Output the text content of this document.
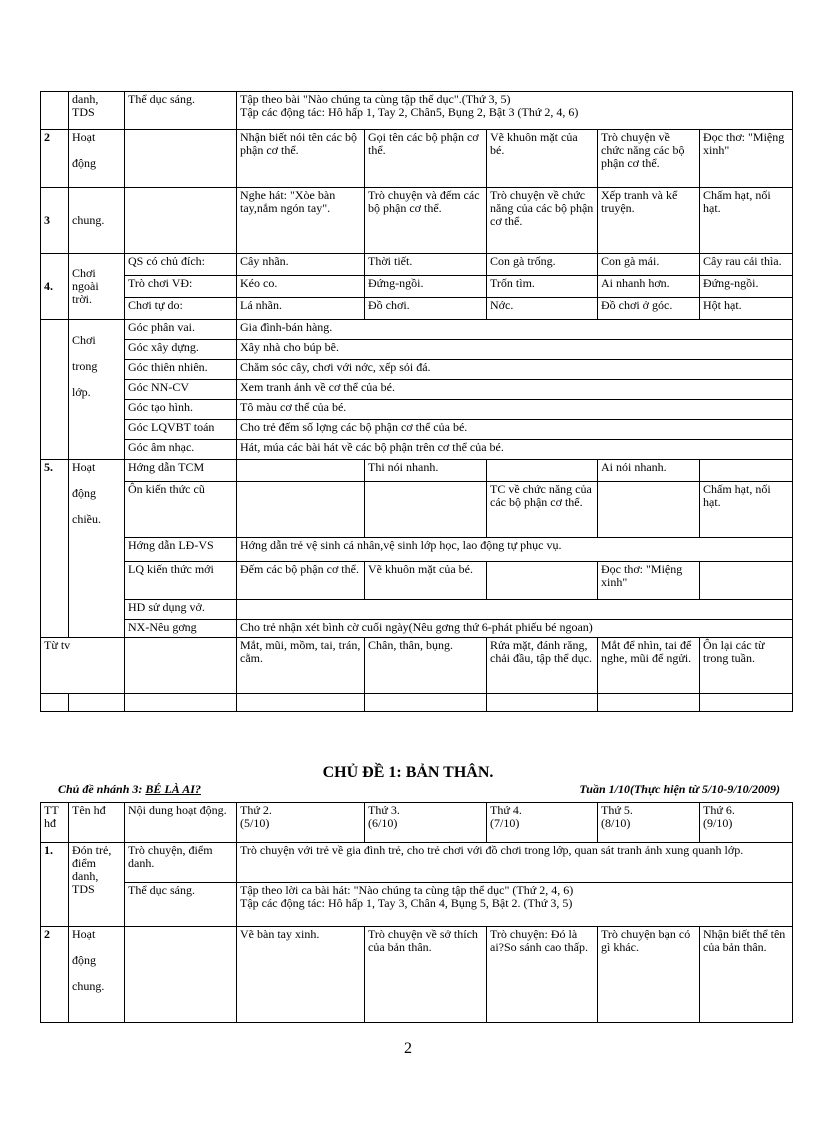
	danh, TDS	Thể dục sáng.	Tập theo bài "Nào chúng ta cùng tập thể dục".(Thứ 3, 5)
Tập các động tác: Hô hấp 1, Tay 2, Chân5, Bụng 2, Bật 3 (Thứ 2, 4, 6)				
2	Hoạt

động		Nhận biết nói tên các bộ phận cơ thể.	Gọi tên các bộ phận cơ thể.	Vẽ khuôn mặt của bé.	Trò chuyện về chức năng các bộ phận cơ thể.	Đọc thơ: "Miệng xinh"
3	chung.		Nghe hát: "Xòe bàn tay,nắm ngón tay".	Trò chuyện và đếm các bộ phận cơ thể.	Trò chuyện về chức năng của các bộ phận cơ thể.	Xếp tranh và kể truyện.	Chấm hạt, nối hạt.
4.	Chơi ngoài trời.	QS có chủ đích:	Cây nhãn.	Thời tiết.	Con gà trống.	Con gà mái.	Cây rau cải thìa.
		Trò chơi VĐ:	Kéo co.	Đứng-ngồi.	Trốn tìm.	Ai nhanh hơn.	Đứng-ngồi.
		Chơi tự do:	Lá nhãn.	Đồ chơi.	Nớc.	Đồ chơi ở góc.	Hột hạt.

Chơi

trong

lớp.	Góc phân vai.	Gia đình-bán hàng.				
		Góc xây dựng.	Xây nhà cho búp bê.				
		Góc thiên nhiên.	Chăm sóc cây, chơi với nớc, xếp sỏi đá.				
		Góc NN-CV	Xem tranh ảnh về cơ thể của bé.				
		Góc tạo hình.	Tô màu cơ thể của bé.				
		Góc LQVBT toán	Cho trẻ đếm số lợng các bộ phận cơ thể của bé.				
		Góc âm nhạc.	Hát, múa các bài hát về các bộ phận trên cơ thể của bé.				
5.	Hoạt

động

chiều.	Hớng dẫn TCM		Thi nói nhanh.		Ai nói nhanh.	
		Ôn kiến thức cũ			TC về chức năng của các bộ phận cơ thể.		Chấm hạt, nối hạt.
		Hớng dẫn LĐ-VS	Hớng dẫn trẻ vệ sinh cá nhân,vệ sinh lớp học, lao động tự phục vụ.				
		LQ kiến thức mới	Đếm các bộ phận cơ thể.	Vẽ khuôn mặt của bé.		Đọc thơ: "Miệng xinh"	
		HD sử dụng vở.					
		NX-Nêu gơng	Cho trẻ nhận xét bình cờ cuối ngày(Nêu gơng thứ 6-phát phiếu bé ngoan)				
Từ tv			Mắt, mũi, mồm, tai, trán, cằm.	Chân, thân, bụng.	Rửa mặt, đánh răng, chải đầu, tập thể dục.	Mắt để nhìn, tai để nghe, mũi để ngửi.	Ôn lại các từ trong tuần.

CHỦ ĐỀ 1: BẢN THÂN.
Chủ đề nhánh 3: BÉ LÀ AI?	Tuần 1/10(Thực hiện từ 5/10-9/10/2009)
TT hđ	Tên hđ	Nội dung hoạt động.	Thứ 2.
(5/10)	Thứ 3.
(6/10)	Thứ 4.
(7/10)	Thứ 5.
(8/10)	Thứ 6.
(9/10)
1.	Đón trẻ, điểm danh, TDS	Trò chuyện, điểm danh.	Trò chuyện với trẻ về gia đình trẻ, cho trẻ chơi với đồ chơi trong lớp, quan sát tranh ảnh xung quanh lớp.				
		Thể dục sáng.	Tập theo lời ca bài hát: "Nào chúng ta cùng tập thể dục" (Thứ 2, 4, 6)
Tập các động tác: Hô hấp 1, Tay 3, Chân 4, Bụng 5, Bật 2. (Thứ 3, 5)				
2	Hoạt

động

chung.		Vẽ bàn tay xinh.	Trò chuyện về sở thích của bản thân.	Trò chuyện: Đó là ai?So sánh cao thấp.	Trò chuyện bạn có gì khác.	Nhận biết thể tên của bản thân.
2
